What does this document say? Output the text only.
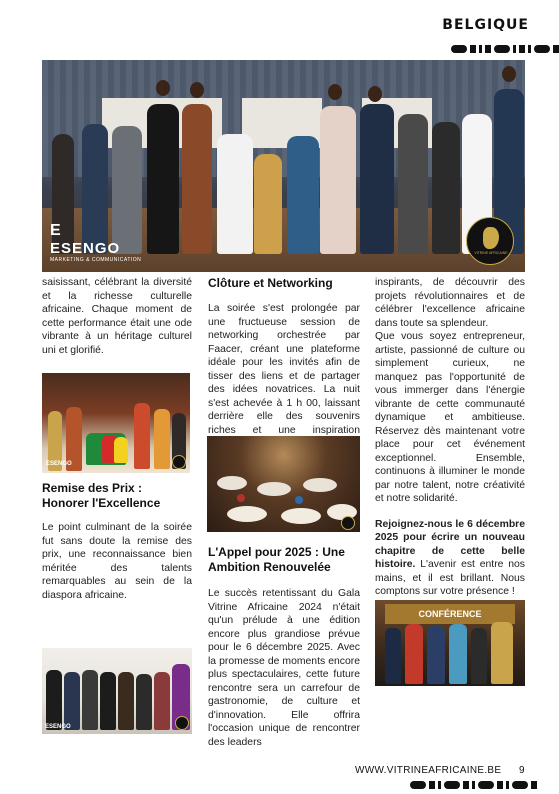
BELGIQUE
E
ESENGO
MARKETING & COMMUNICATION
VITRINE AFRICAINE

saisissant, célébrant la diversité et la richesse culturelle africaine. Chaque moment de cette performance était une ode vibrante à un héritage culturel uni et glorifié.

ESENGO
Remise des Prix : Honorer l'Excellence

Le point culminant de la soirée fut sans doute la remise des prix, une reconnaissance bien méritée des talents remarquables au sein de la diaspora africaine.

ESENGO
Clôture et Networking

La soirée s'est prolongée par une fructueuse session de networking orchestrée par Faacer, créant une plateforme idéale pour les invités afin de tisser des liens et de partager des idées novatrices. La nuit s'est achevée à 1 h 00, laissant derrière elle des souvenirs riches et une inspiration

L'Appel pour 2025 : Une Ambition Renouvelée

Le succès retentissant du Gala Vitrine Africaine 2024 n'était qu'un prélude à une édition encore plus grandiose prévue pour le 6 décembre 2025. Avec la promesse de moments encore plus spectaculaires, cette future rencontre sera un carrefour de gastronomie, de culture et d'innovation. Elle offrira l'occasion unique de rencontrer des leaders

inspirants, de découvrir des projets révolutionnaires et de célébrer l'excellence africaine dans toute sa splendeur.

Que vous soyez entrepreneur, artiste, passionné de culture ou simplement curieux, ne manquez pas l'opportunité de vous immerger dans l'énergie vibrante de cette communauté dynamique et ambitieuse. Réservez dès maintenant votre place pour cet événement exceptionnel. Ensemble, continuons à illuminer le monde par notre talent, notre créativité et notre solidarité.

Rejoignez-nous le 6 décembre 2025 pour écrire un nouveau chapitre de cette belle histoire. L'avenir est entre nos mains, et il est brillant. Nous comptons sur votre présence !

CONFÉRENCE
WWW.VITRINEAFRICAINE.BE 9
